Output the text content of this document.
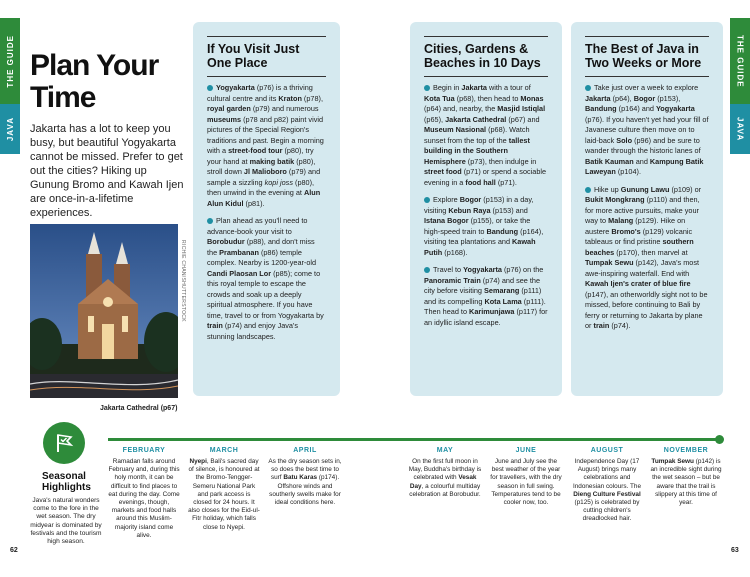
THE GUIDE
JAVA
Plan Your Time

Jakarta has a lot to keep you busy, but beautiful Yogyakarta cannot be missed. Prefer to get out the cities? Hiking up Gunung Bromo and Kawah Ijen are once-in-a-lifetime experiences.

RICHIE CHAN/SHUTTERSTOCK
Jakarta Cathedral (p67)
If You Visit Just One Place

Yogyakarta (p76) is a thriving cultural centre and its Kraton (p78), royal garden (p79) and numerous museums (p78 and p82) paint vivid pictures of the Special Region's traditions and past. Begin a morning with a street-food tour (p80), try your hand at making batik (p80), stroll down Jl Malioboro (p79) and sample a sizzling kopi joss (p80), then unwind in the evening at Alun Alun Kidul (p81).

Plan ahead as you'll need to advance-book your visit to Borobudur (p88), and don't miss the Prambanan (p86) temple complex. Nearby is 1200-year-old Candi Plaosan Lor (p85); come to this royal temple to escape the crowds and soak up a deeply spiritual atmosphere. If you have time, travel to or from Yogyakarta by train (p74) and enjoy Java's stunning landscapes.

Seasonal Highlights
Java's natural wonders come to the fore in the wet season. The dry midyear is dominated by festivals and the tourism high season.
FEBRUARY

Ramadan falls around February and, during this holy month, it can be difficult to find places to eat during the day. Come evenings, though, markets and food halls around this Muslim-majority island come alive.

MARCH

Nyepi, Bali's sacred day of silence, is honoured at the Bromo-Tengger-Semeru National Park and park access is closed for 24 hours. It also closes for the Eid-ul-Fitr holiday, which falls close to Nyepi.

APRIL

As the dry season sets in, so does the best time to surf Batu Karas (p174). Offshore winds and southerly swells make for ideal conditions here.

62
THE GUIDE
JAVA
Cities, Gardens & Beaches in 10 Days

Begin in Jakarta with a tour of Kota Tua (p68), then head to Monas (p64) and, nearby, the Masjid Istiqlal (p65), Jakarta Cathedral (p67) and Museum Nasional (p68). Watch sunset from the top of the tallest building in the Southern Hemisphere (p73), then indulge in street food (p71) or spend a sociable evening in a food hall (p71).

Explore Bogor (p153) in a day, visiting Kebun Raya (p153) and Istana Bogor (p155), or take the high-speed train to Bandung (p164), visiting tea plantations and Kawah Putih (p168).

Travel to Yogyakarta (p76) on the Panoramic Train (p74) and see the city before visiting Semarang (p111) and its compelling Kota Lama (p111). Then head to Karimunjawa (p117) for an idyllic island escape.

The Best of Java in Two Weeks or More

Take just over a week to explore Jakarta (p64), Bogor (p153), Bandung (p164) and Yogyakarta (p76). If you haven't yet had your fill of Javanese culture then move on to laid-back Solo (p96) and be sure to wander through the historic lanes of Batik Kauman and Kampung Batik Laweyan (p104).

Hike up Gunung Lawu (p109) or Bukit Mongkrang (p110) and then, for more active pursuits, make your way to Malang (p129). Hike on austere Bromo's (p129) volcanic tableaus or find pristine southern beaches (p170), then marvel at Tumpak Sewu (p142), Java's most awe-inspiring waterfall. End with Kawah Ijen's crater of blue fire (p147), an otherworldly sight not to be missed, before continuing to Bali by ferry or returning to Jakarta by plane or train (p74).

MAY

On the first full moon in May, Buddha's birthday is celebrated with Vesak Day, a colourful multiday celebration at Borobudur.

JUNE

June and July see the best weather of the year for travellers, with the dry season in full swing. Temperatures tend to be cooler now, too.

AUGUST

Independence Day (17 August) brings many celebrations and Indonesian colours. The Dieng Culture Festival (p125) is celebrated by cutting children's dreadlocked hair.

NOVEMBER

Tumpak Sewu (p142) is an incredible sight during the wet season – but be aware that the trail is slippery at this time of year.

63
